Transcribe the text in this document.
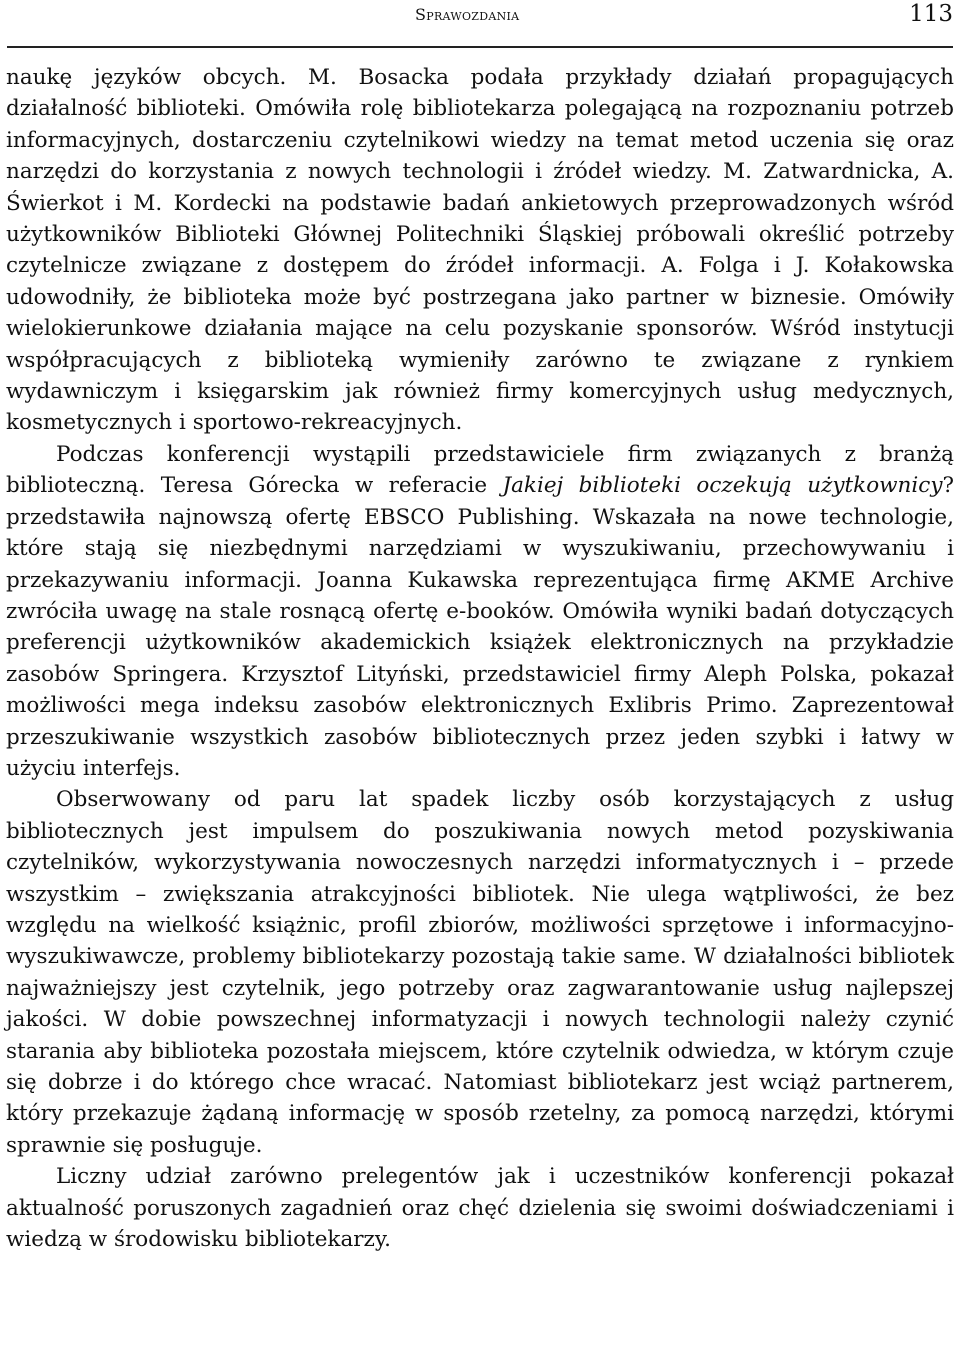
Sprawozdania	113

naukę języków obcych. M. Bosacka podała przykłady działań propagujących działalność biblioteki. Omówiła rolę bibliotekarza polegającą na rozpoznaniu potrzeb informacyjnych, dostarczeniu czytelnikowi wiedzy na temat metod uczenia się oraz narzędzi do korzystania z nowych technologii i źródeł wiedzy. M. Zatwardnicka, A. Świerkot i M. Kordecki na podstawie badań ankietowych przeprowadzonych wśród użytkowników Biblioteki Głównej Politechniki Śląskiej próbowali określić potrzeby czytelnicze związane z dostępem do źródeł informacji. A. Folga i J. Kołakowska udowodniły, że biblioteka może być postrzegana jako partner w biznesie. Omówiły wielokierunkowe działania mające na celu pozyskanie sponsorów. Wśród instytucji współpracujących z biblioteką wymieniły zarówno te związane z rynkiem wydawniczym i księgarskim jak również firmy komercyjnych usług medycznych, kosmetycznych i sportowo-rekreacyjnych.

Podczas konferencji wystąpili przedstawiciele firm związanych z branżą biblioteczną. Teresa Górecka w referacie Jakiej biblioteki oczekują użytkownicy? przedstawiła najnowszą ofertę EBSCO Publishing. Wskazała na nowe technologie, które stają się niezbędnymi narzędziami w wyszukiwaniu, przechowywaniu i przekazywaniu informacji. Joanna Kukawska reprezentująca firmę AKME Archive zwróciła uwagę na stale rosnącą ofertę e-booków. Omówiła wyniki badań dotyczących preferencji użytkowników akademickich książek elektronicznych na przykładzie zasobów Springera. Krzysztof Lityński, przedstawiciel firmy Aleph Polska, pokazał możliwości mega indeksu zasobów elektronicznych Exlibris Primo. Zaprezentował przeszukiwanie wszystkich zasobów bibliotecznych przez jeden szybki i łatwy w użyciu interfejs.

Obserwowany od paru lat spadek liczby osób korzystających z usług bibliotecznych jest impulsem do poszukiwania nowych metod pozyskiwania czytelników, wykorzystywania nowoczesnych narzędzi informatycznych i – przede wszystkim – zwiększania atrakcyjności bibliotek. Nie ulega wątpliwości, że bez względu na wielkość książnic, profil zbiorów, możliwości sprzętowe i informacyjno-wyszukiwawcze, problemy bibliotekarzy pozostają takie same. W działalności bibliotek najważniejszy jest czytelnik, jego potrzeby oraz zagwarantowanie usług najlepszej jakości. W dobie powszechnej informatyzacji i nowych technologii należy czynić starania aby biblioteka pozostała miejscem, które czytelnik odwiedza, w którym czuje się dobrze i do którego chce wracać. Natomiast bibliotekarz jest wciąż partnerem, który przekazuje żądaną informację w sposób rzetelny, za pomocą narzędzi, którymi sprawnie się posługuje.

Liczny udział zarówno prelegentów jak i uczestników konferencji pokazał aktualność poruszonych zagadnień oraz chęć dzielenia się swoimi doświadczeniami i wiedzą w środowisku bibliotekarzy.
